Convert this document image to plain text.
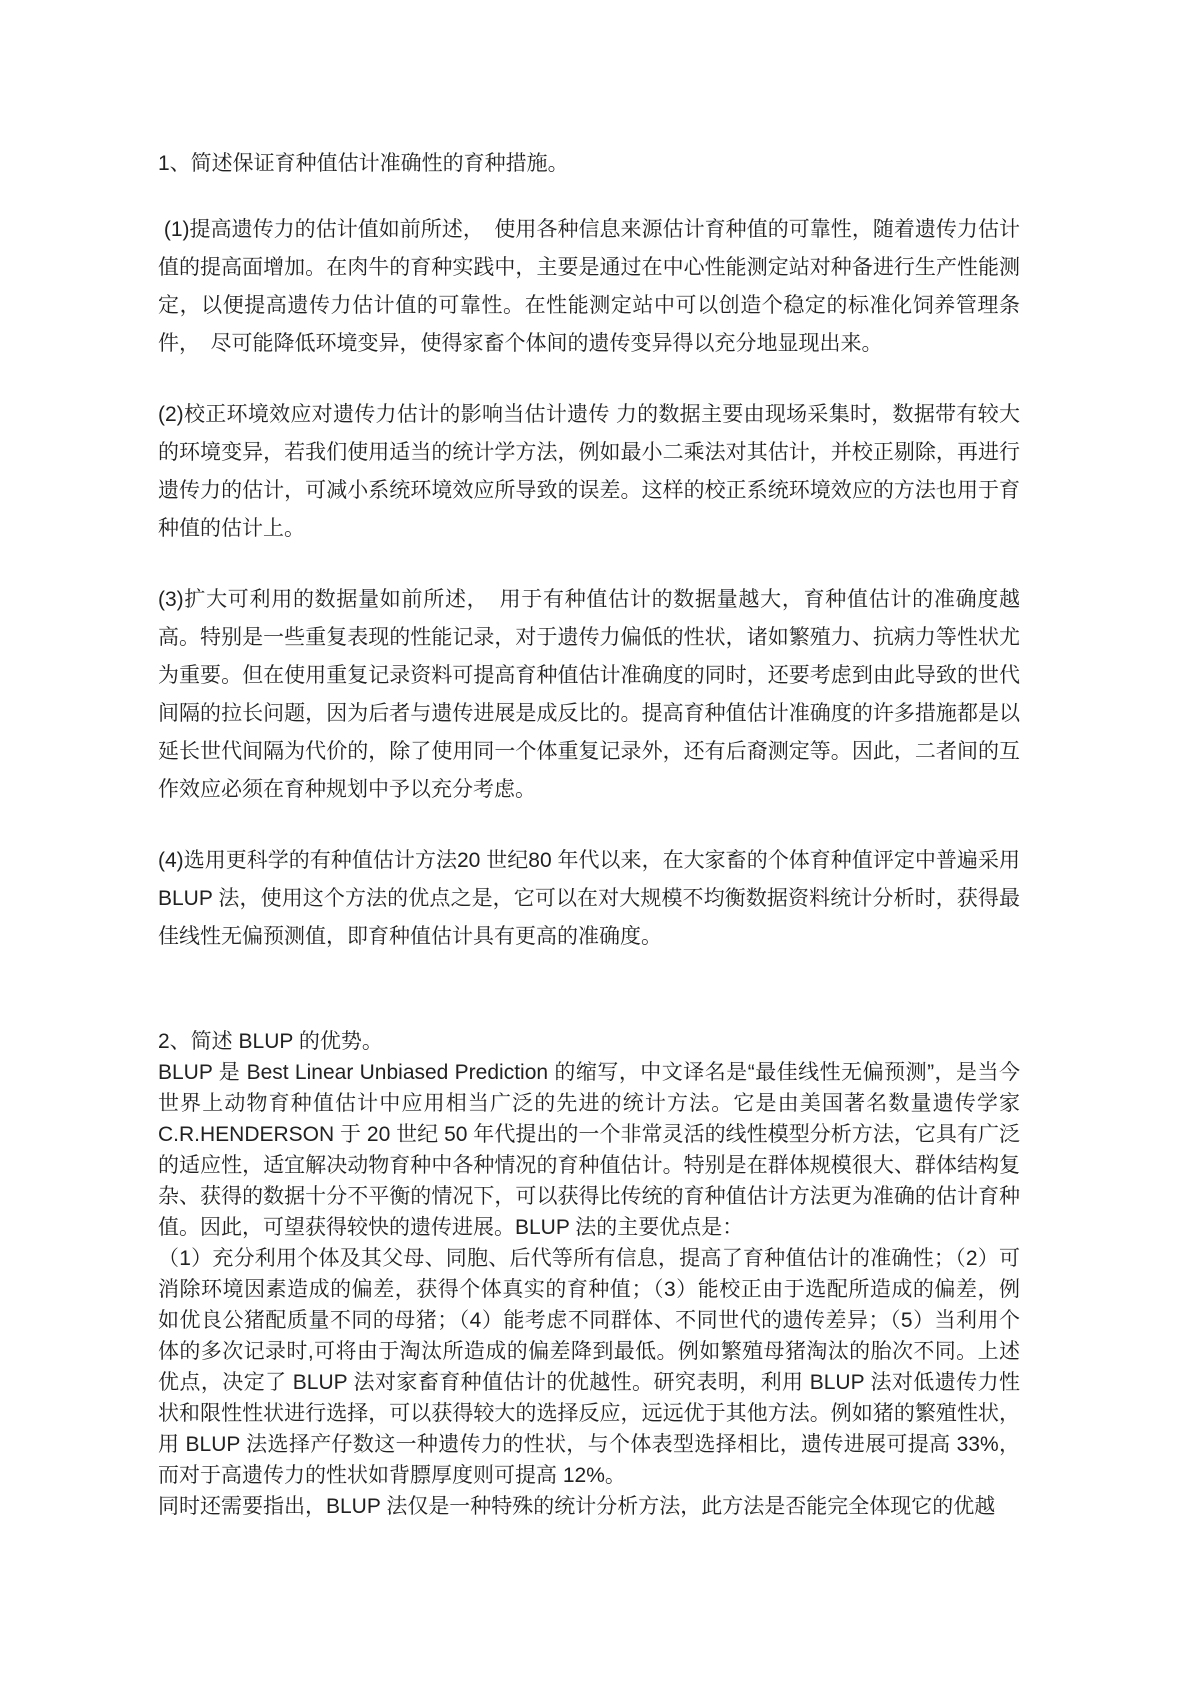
1、简述保证育种值估计准确性的育种措施。

(1)提高遗传力的估计值如前所述，　使用各种信息来源估计育种值的可靠性，随着遗传力估计值的提高面增加。在肉牛的育种实践中，主要是通过在中心性能测定站对种备进行生产性能测定，以便提高遗传力估计值的可靠性。在性能测定站中可以创造个稳定的标准化饲养管理条件，　尽可能降低环境变异，使得家畜个体间的遗传变异得以充分地显现出来。

(2)校正环境效应对遗传力估计的影响当估计遗传 力的数据主要由现场采集时，数据带有较大的环境变异，若我们使用适当的统计学方法，例如最小二乘法对其估计，并校正剔除，再进行遗传力的估计，可减小系统环境效应所导致的误差。这样的校正系统环境效应的方法也用于育种值的估计上。

(3)扩大可利用的数据量如前所述，　用于有种值估计的数据量越大，育种值估计的准确度越高。特别是一些重复表现的性能记录，对于遗传力偏低的性状，诸如繁殖力、抗病力等性状尤为重要。但在使用重复记录资料可提高育种值估计准确度的同时，还要考虑到由此导致的世代间隔的拉长问题，因为后者与遗传进展是成反比的。提高育种值估计准确度的许多措施都是以延长世代间隔为代价的，除了使用同一个体重复记录外，还有后裔测定等。因此，二者间的互作效应必须在育种规划中予以充分考虑。

(4)选用更科学的有种值估计方法20 世纪80 年代以来，在大家畜的个体育种值评定中普遍采用 BLUP 法，使用这个方法的优点之是，它可以在对大规模不均衡数据资料统计分析时，获得最佳线性无偏预测值，即育种值估计具有更高的准确度。

2、简述 BLUP 的优势。

BLUP 是 Best Linear Unbiased Prediction 的缩写，中文译名是“最佳线性无偏预测”，是当今世界上动物育种值估计中应用相当广泛的先进的统计方法。它是由美国著名数量遗传学家 C.R.HENDERSON 于 20 世纪 50 年代提出的一个非常灵活的线性模型分析方法，它具有广泛的适应性，适宜解决动物育种中各种情况的育种值估计。特别是在群体规模很大、群体结构复杂、获得的数据十分不平衡的情况下，可以获得比传统的育种值估计方法更为准确的估计育种值。因此，可望获得较快的遗传进展。BLUP 法的主要优点是：

（1）充分利用个体及其父母、同胞、后代等所有信息，提高了育种值估计的准确性；（2）可消除环境因素造成的偏差，获得个体真实的育种值；（3）能校正由于选配所造成的偏差，例如优良公猪配质量不同的母猪；（4）能考虑不同群体、不同世代的遗传差异；（5）当利用个体的多次记录时,可将由于淘汰所造成的偏差降到最低。例如繁殖母猪淘汰的胎次不同。上述优点，决定了 BLUP 法对家畜育种值估计的优越性。研究表明，利用 BLUP 法对低遗传力性状和限性性状进行选择，可以获得较大的选择反应，远远优于其他方法。例如猪的繁殖性状，用 BLUP 法选择产仔数这一种遗传力的性状，与个体表型选择相比，遗传进展可提高 33%，而对于高遗传力的性状如背膘厚度则可提高 12%。

同时还需要指出，BLUP 法仅是一种特殊的统计分析方法，此方法是否能完全体现它的优越
